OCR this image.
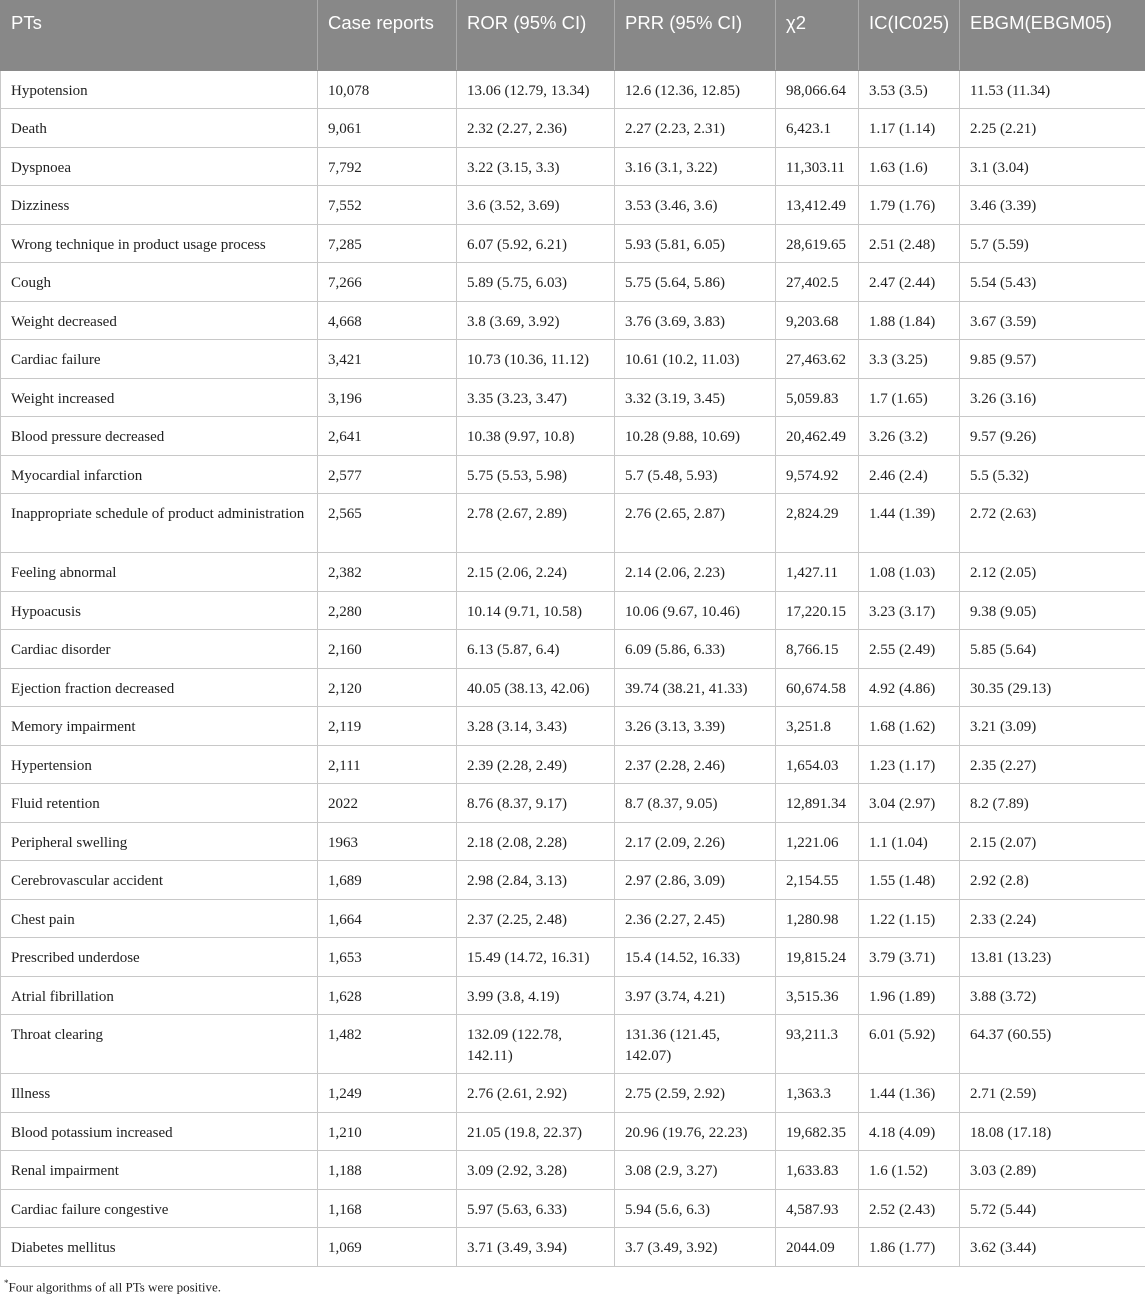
PTs	Case reports	ROR (95% CI)	PRR (95% CI)	χ2	IC(IC025)	EBGM(EBGM05)
Hypotension	10,078	13.06 (12.79, 13.34)	12.6 (12.36, 12.85)	98,066.64	3.53 (3.5)	11.53 (11.34)
Death	9,061	2.32 (2.27, 2.36)	2.27 (2.23, 2.31)	6,423.1	1.17 (1.14)	2.25 (2.21)
Dyspnoea	7,792	3.22 (3.15, 3.3)	3.16 (3.1, 3.22)	11,303.11	1.63 (1.6)	3.1 (3.04)
Dizziness	7,552	3.6 (3.52, 3.69)	3.53 (3.46, 3.6)	13,412.49	1.79 (1.76)	3.46 (3.39)
Wrong technique in product usage process	7,285	6.07 (5.92, 6.21)	5.93 (5.81, 6.05)	28,619.65	2.51 (2.48)	5.7 (5.59)
Cough	7,266	5.89 (5.75, 6.03)	5.75 (5.64, 5.86)	27,402.5	2.47 (2.44)	5.54 (5.43)
Weight decreased	4,668	3.8 (3.69, 3.92)	3.76 (3.69, 3.83)	9,203.68	1.88 (1.84)	3.67 (3.59)
Cardiac failure	3,421	10.73 (10.36, 11.12)	10.61 (10.2, 11.03)	27,463.62	3.3 (3.25)	9.85 (9.57)
Weight increased	3,196	3.35 (3.23, 3.47)	3.32 (3.19, 3.45)	5,059.83	1.7 (1.65)	3.26 (3.16)
Blood pressure decreased	2,641	10.38 (9.97, 10.8)	10.28 (9.88, 10.69)	20,462.49	3.26 (3.2)	9.57 (9.26)
Myocardial infarction	2,577	5.75 (5.53, 5.98)	5.7 (5.48, 5.93)	9,574.92	2.46 (2.4)	5.5 (5.32)
Inappropriate schedule of product administration	2,565	2.78 (2.67, 2.89)	2.76 (2.65, 2.87)	2,824.29	1.44 (1.39)	2.72 (2.63)
Feeling abnormal	2,382	2.15 (2.06, 2.24)	2.14 (2.06, 2.23)	1,427.11	1.08 (1.03)	2.12 (2.05)
Hypoacusis	2,280	10.14 (9.71, 10.58)	10.06 (9.67, 10.46)	17,220.15	3.23 (3.17)	9.38 (9.05)
Cardiac disorder	2,160	6.13 (5.87, 6.4)	6.09 (5.86, 6.33)	8,766.15	2.55 (2.49)	5.85 (5.64)
Ejection fraction decreased	2,120	40.05 (38.13, 42.06)	39.74 (38.21, 41.33)	60,674.58	4.92 (4.86)	30.35 (29.13)
Memory impairment	2,119	3.28 (3.14, 3.43)	3.26 (3.13, 3.39)	3,251.8	1.68 (1.62)	3.21 (3.09)
Hypertension	2,111	2.39 (2.28, 2.49)	2.37 (2.28, 2.46)	1,654.03	1.23 (1.17)	2.35 (2.27)
Fluid retention	2022	8.76 (8.37, 9.17)	8.7 (8.37, 9.05)	12,891.34	3.04 (2.97)	8.2 (7.89)
Peripheral swelling	1963	2.18 (2.08, 2.28)	2.17 (2.09, 2.26)	1,221.06	1.1 (1.04)	2.15 (2.07)
Cerebrovascular accident	1,689	2.98 (2.84, 3.13)	2.97 (2.86, 3.09)	2,154.55	1.55 (1.48)	2.92 (2.8)
Chest pain	1,664	2.37 (2.25, 2.48)	2.36 (2.27, 2.45)	1,280.98	1.22 (1.15)	2.33 (2.24)
Prescribed underdose	1,653	15.49 (14.72, 16.31)	15.4 (14.52, 16.33)	19,815.24	3.79 (3.71)	13.81 (13.23)
Atrial fibrillation	1,628	3.99 (3.8, 4.19)	3.97 (3.74, 4.21)	3,515.36	1.96 (1.89)	3.88 (3.72)
Throat clearing	1,482	132.09 (122.78, 142.11)	131.36 (121.45, 142.07)	93,211.3	6.01 (5.92)	64.37 (60.55)
Illness	1,249	2.76 (2.61, 2.92)	2.75 (2.59, 2.92)	1,363.3	1.44 (1.36)	2.71 (2.59)
Blood potassium increased	1,210	21.05 (19.8, 22.37)	20.96 (19.76, 22.23)	19,682.35	4.18 (4.09)	18.08 (17.18)
Renal impairment	1,188	3.09 (2.92, 3.28)	3.08 (2.9, 3.27)	1,633.83	1.6 (1.52)	3.03 (2.89)
Cardiac failure congestive	1,168	5.97 (5.63, 6.33)	5.94 (5.6, 6.3)	4,587.93	2.52 (2.43)	5.72 (5.44)
Diabetes mellitus	1,069	3.71 (3.49, 3.94)	3.7 (3.49, 3.92)	2044.09	1.86 (1.77)	3.62 (3.44)
*Four algorithms of all PTs were positive.
